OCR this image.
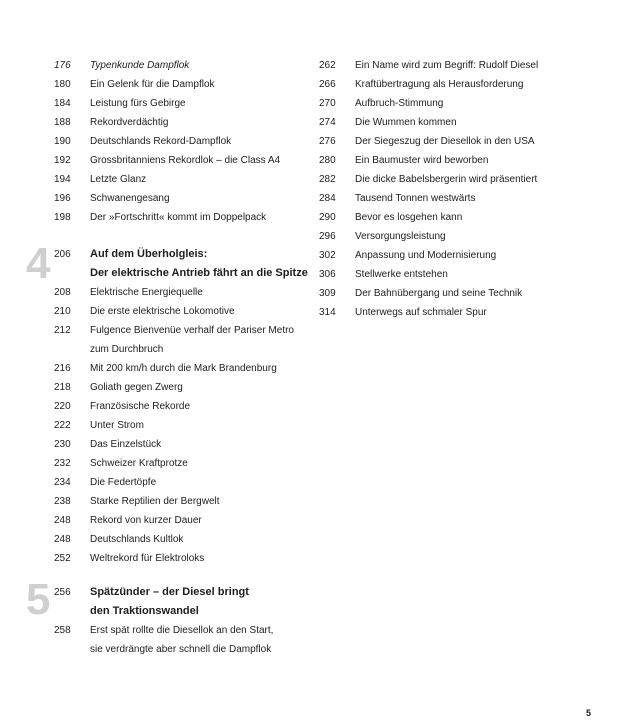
176 Typenkunde Dampflok
180 Ein Gelenk für die Dampflok
184 Leistung fürs Gebirge
188 Rekordverdächtig
190 Deutschlands Rekord-Dampflok
192 Grossbritanniens Rekordlok – die Class A4
194 Letzte Glanz
196 Schwanengesang
198 Der »Fortschritt« kommt im Doppelpack
206 Auf dem Überholgleis:
Der elektrische Antrieb fährt an die Spitze
208 Elektrische Energiequelle
210 Die erste elektrische Lokomotive
212 Fulgence Bienvenüe verhalf der Pariser Metro
zum Durchbruch
216 Mit 200 km/h durch die Mark Brandenburg
218 Goliath gegen Zwerg
220 Französische Rekorde
222 Unter Strom
230 Das Einzelstück
232 Schweizer Kraftprotze
234 Die Federtöpfe
238 Starke Reptilien der Bergwelt
248 Rekord von kurzer Dauer
248 Deutschlands Kultlok
252 Weltrekord für Elektroloks
256 Spätzünder – der Diesel bringt
den Traktionswandel
258 Erst spät rollte die Diesellok an den Start,
sie verdrängte aber schnell die Dampflok
262 Ein Name wird zum Begriff: Rudolf Diesel
266 Kraftübertragung als Herausforderung
270 Aufbruch-Stimmung
274 Die Wummen kommen
276 Der Siegeszug der Diesellok in den USA
280 Ein Baumuster wird beworben
282 Die dicke Babelsbergerin wird präsentiert
284 Tausend Tonnen westwärts
290 Bevor es losgehen kann
296 Versorgungsleistung
302 Anpassung und Modernisierung
306 Stellwerke entstehen
309 Der Bahnübergang und seine Technik
314 Unterwegs auf schmaler Spur
4
5
5
